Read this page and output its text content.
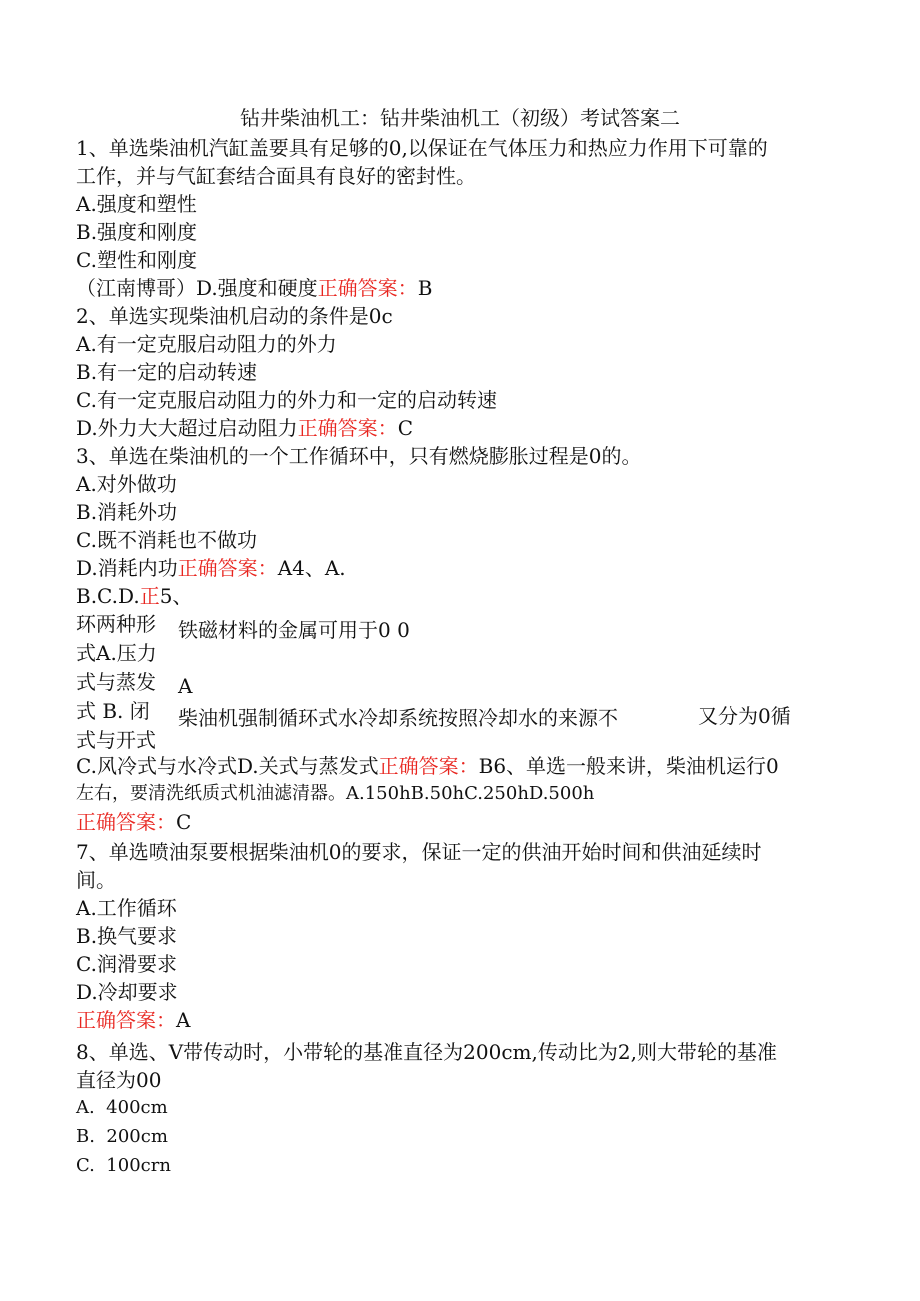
钻井柴油机工：钻井柴油机工（初级）考试答案二
1、单选柴油机汽缸盖要具有足够的0,以保证在气体压力和热应力作用下可靠的
工作，并与气缸套结合面具有良好的密封性。
A.强度和塑性
B.强度和刚度
C.塑性和刚度
（江南博哥）D.强度和硬度正确答案：B
2、单选实现柴油机启动的条件是0c
A.有一定克服启动阻力的外力
B.有一定的启动转速
C.有一定克服启动阻力的外力和一定的启动转速
D.外力大大超过启动阻力正确答案：C
3、单选在柴油机的一个工作循环中，只有燃烧膨胀过程是0的。
A.对外做功
B.消耗外功
C.既不消耗也不做功
D.消耗内功正确答案：A4、A.
B.C.D.正5、
环两种形式A.压力式与蒸发式 B. 闭式与开式
铁磁材料的金属可用于0 0
A
柴油机强制循环式水冷却系统按照冷却水的来源不	又分为0循
C.风冷式与水冷式D.关式与蒸发式正确答案：B6、单选一般来讲，柴油机运行0
左右，要清洗纸质式机油滤清器。A.150hB.50hC.250hD.500h
正确答案：C
7、单选喷油泵要根据柴油机0的要求，保证一定的供油开始时间和供油延续时
间。
A.工作循环
B.换气要求
C.润滑要求
D.冷却要求
正确答案：A
8、单选、V带传动时，小带轮的基准直径为200cm,传动比为2,则大带轮的基准
直径为00
A.  400cm
B.  200cm
C.  100crn
